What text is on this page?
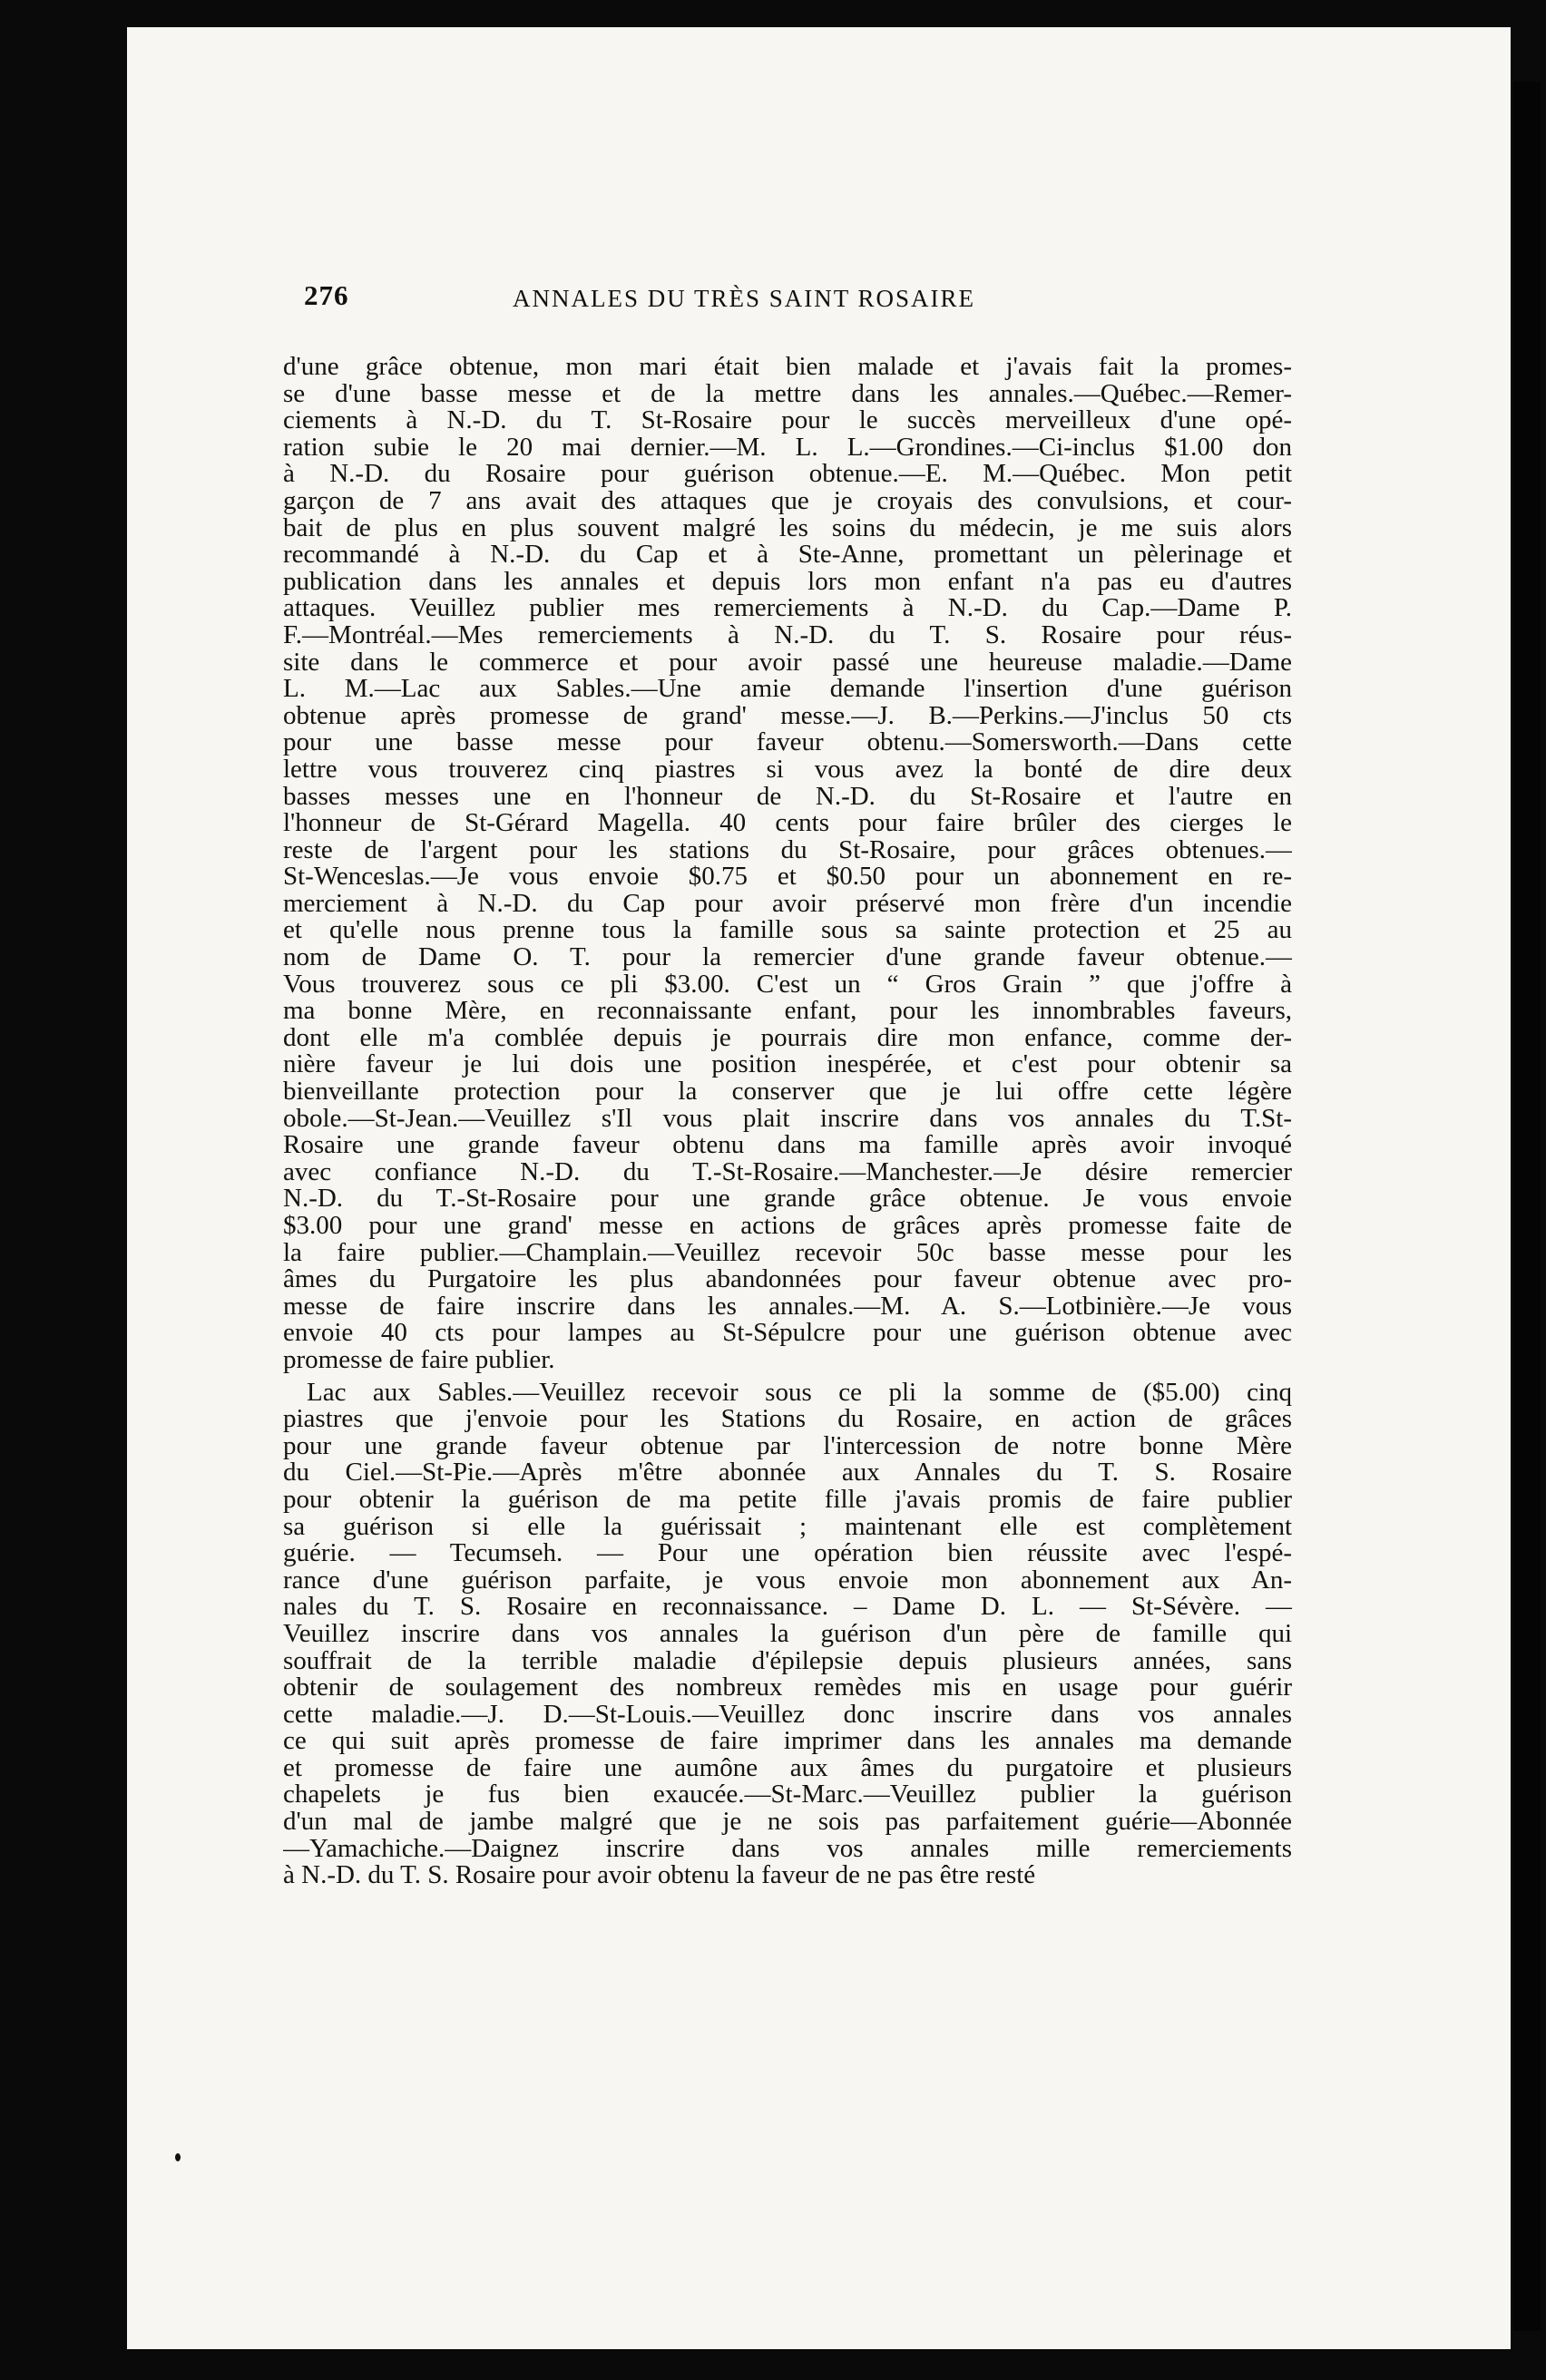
276	ANNALES DU TRÈS SAINT ROSAIRE
d'une grâce obtenue, mon mari était bien malade et j'avais fait la promes-
se d'une basse messe et de la mettre dans les annales.—Québec.—Remer-
ciements à N.-D. du T. St-Rosaire pour le succès merveilleux d'une opé-
ration subie le 20 mai dernier.—M. L. L.—Grondines.—Ci-inclus $1.00 don
à N.-D. du Rosaire pour guérison obtenue.—E. M.—Québec. Mon petit
garçon de 7 ans avait des attaques que je croyais des convulsions, et cour-
bait de plus en plus souvent malgré les soins du médecin, je me suis alors
recommandé à N.-D. du Cap et à Ste-Anne, promettant un pèlerinage et
publication dans les annales et depuis lors mon enfant n'a pas eu d'autres
attaques. Veuillez publier mes remerciements à N.-D. du Cap.—Dame P.
F.—Montréal.—Mes remerciements à N.-D. du T. S. Rosaire pour réus-
site dans le commerce et pour avoir passé une heureuse maladie.—Dame
L. M.—Lac aux Sables.—Une amie demande l'insertion d'une guérison
obtenue après promesse de grand' messe.—J. B.—Perkins.—J'inclus 50 cts
pour une basse messe pour faveur obtenu.—Somersworth.—Dans cette
lettre vous trouverez cinq piastres si vous avez la bonté de dire deux
basses messes une en l'honneur de N.-D. du St-Rosaire et l'autre en
l'honneur de St-Gérard Magella. 40 cents pour faire brûler des cierges le
reste de l'argent pour les stations du St-Rosaire, pour grâces obtenues.—
St-Wenceslas.—Je vous envoie $0.75 et $0.50 pour un abonnement en re-
merciement à N.-D. du Cap pour avoir préservé mon frère d'un incendie
et qu'elle nous prenne tous la famille sous sa sainte protection et 25 au
nom de Dame O. T. pour la remercier d'une grande faveur obtenue.—
Vous trouverez sous ce pli $3.00. C'est un “ Gros Grain ” que j'offre à
ma bonne Mère, en reconnaissante enfant, pour les innombrables faveurs,
dont elle m'a comblée depuis je pourrais dire mon enfance, comme der-
nière faveur je lui dois une position inespérée, et c'est pour obtenir sa
bienveillante protection pour la conserver que je lui offre cette légère
obole.—St-Jean.—Veuillez s'Il vous plait inscrire dans vos annales du T.St-
Rosaire une grande faveur obtenu dans ma famille après avoir invoqué
avec confiance N.-D. du T.-St-Rosaire.—Manchester.—Je désire remercier
N.-D. du T.-St-Rosaire pour une grande grâce obtenue. Je vous envoie
$3.00 pour une grand' messe en actions de grâces après promesse faite de
la faire publier.—Champlain.—Veuillez recevoir 50c basse messe pour les
âmes du Purgatoire les plus abandonnées pour faveur obtenue avec pro-
messe de faire inscrire dans les annales.—M. A. S.—Lotbinière.—Je vous
envoie 40 cts pour lampes au St-Sépulcre pour une guérison obtenue avec
promesse de faire publier.
Lac aux Sables.—Veuillez recevoir sous ce pli la somme de ($5.00) cinq
piastres que j'envoie pour les Stations du Rosaire, en action de grâces
pour une grande faveur obtenue par l'intercession de notre bonne Mère
du Ciel.—St-Pie.—Après m'être abonnée aux Annales du T. S. Rosaire
pour obtenir la guérison de ma petite fille j'avais promis de faire publier
sa guérison si elle la guérissait ; maintenant elle est complètement
guérie. — Tecumseh. — Pour une opération bien réussite avec l'espé-
rance d'une guérison parfaite, je vous envoie mon abonnement aux An-
nales du T. S. Rosaire en reconnaissance. – Dame D. L. — St-Sévère. —
Veuillez inscrire dans vos annales la guérison d'un père de famille qui
souffrait de la terrible maladie d'épilepsie depuis plusieurs années, sans
obtenir de soulagement des nombreux remèdes mis en usage pour guérir
cette maladie.—J. D.—St-Louis.—Veuillez donc inscrire dans vos annales
ce qui suit après promesse de faire imprimer dans les annales ma demande
et promesse de faire une aumône aux âmes du purgatoire et plusieurs
chapelets je fus bien exaucée.—St-Marc.—Veuillez publier la guérison
d'un mal de jambe malgré que je ne sois pas parfaitement guérie—Abonnée
—Yamachiche.—Daignez inscrire dans vos annales mille remerciements
à N.-D. du T. S. Rosaire pour avoir obtenu la faveur de ne pas être resté
